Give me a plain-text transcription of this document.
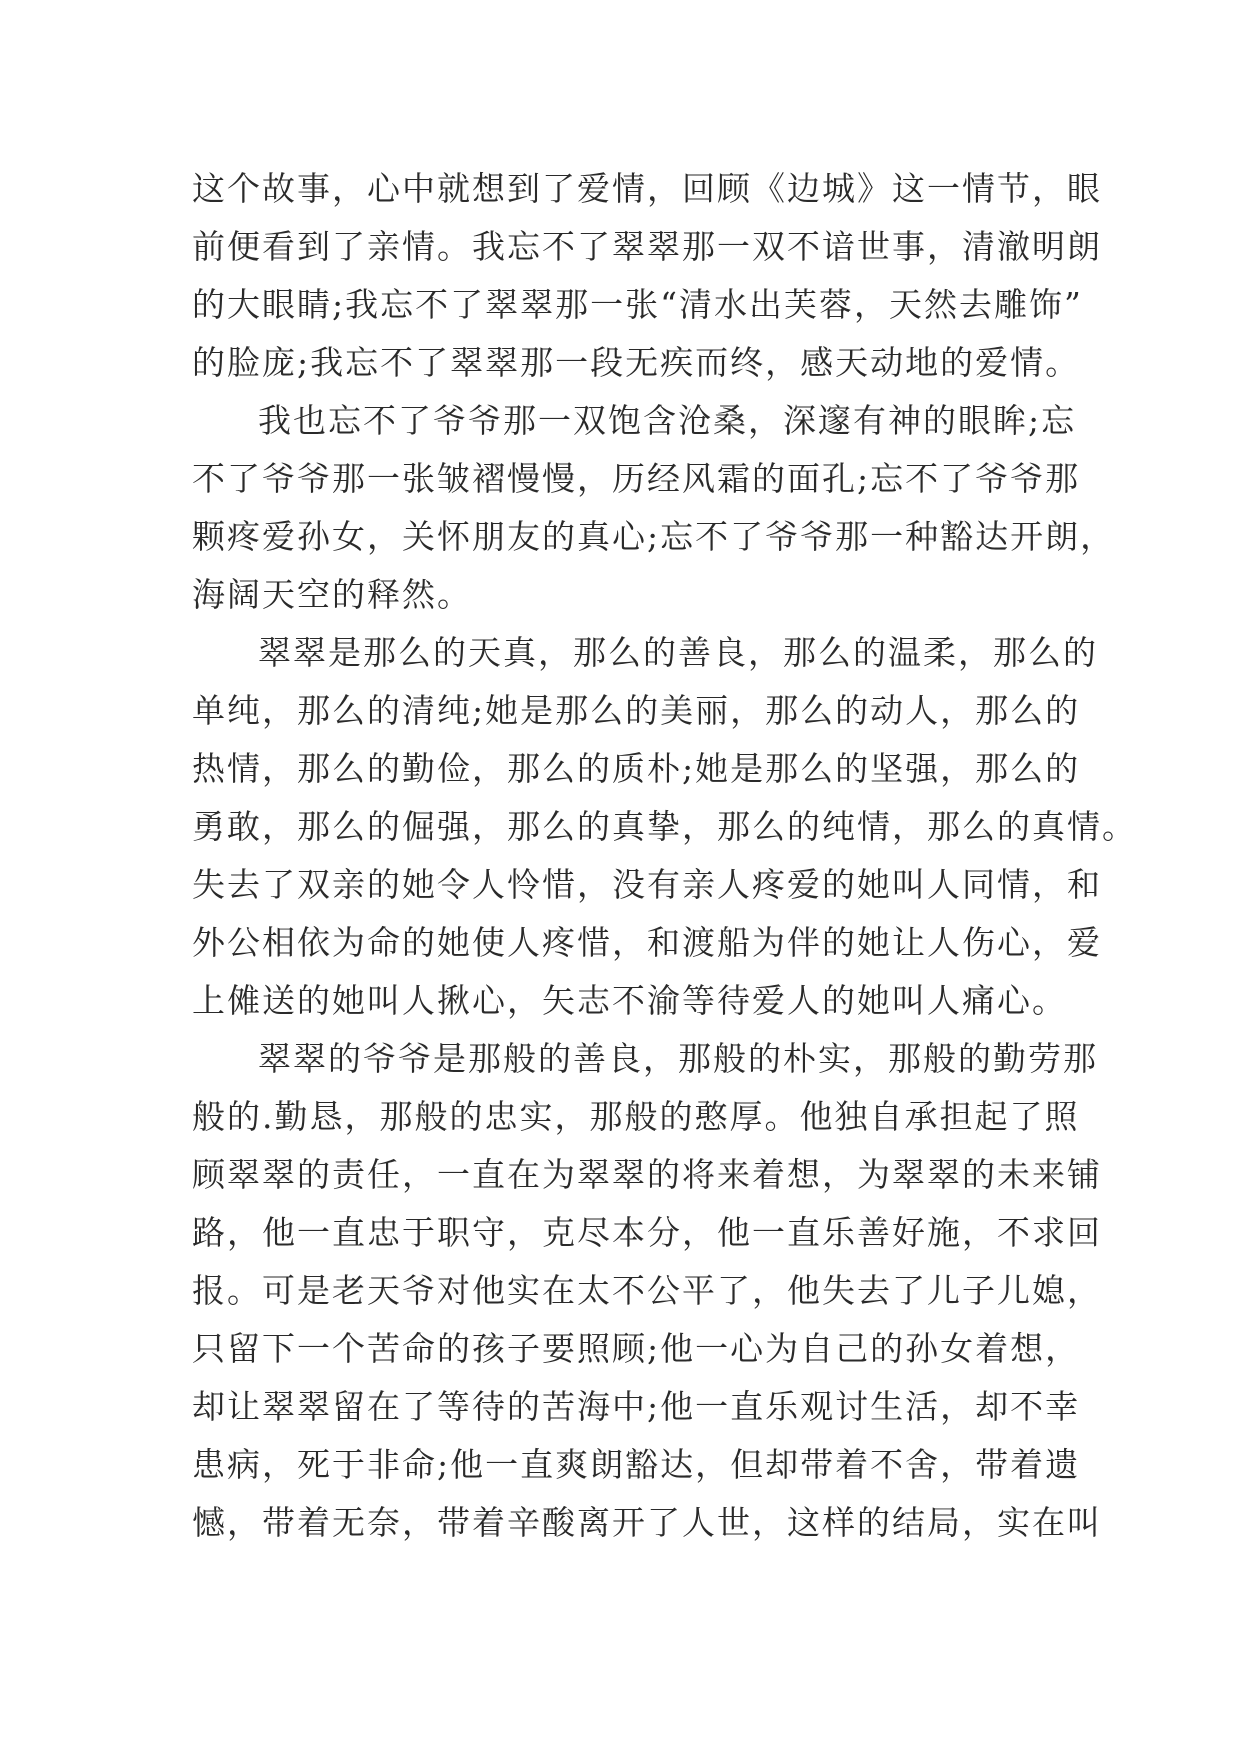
这个故事，心中就想到了爱情，回顾《边城》这一情节，眼
前便看到了亲情。我忘不了翠翠那一双不谙世事，清澈明朗
的大眼睛;我忘不了翠翠那一张“清水出芙蓉，天然去雕饰”
的脸庞;我忘不了翠翠那一段无疾而终，感天动地的爱情。
我也忘不了爷爷那一双饱含沧桑，深邃有神的眼眸;忘
不了爷爷那一张皱褶慢慢，历经风霜的面孔;忘不了爷爷那
颗疼爱孙女，关怀朋友的真心;忘不了爷爷那一种豁达开朗，
海阔天空的释然。
翠翠是那么的天真，那么的善良，那么的温柔，那么的
单纯，那么的清纯;她是那么的美丽，那么的动人，那么的
热情，那么的勤俭，那么的质朴;她是那么的坚强，那么的
勇敢，那么的倔强，那么的真挚，那么的纯情，那么的真情。
失去了双亲的她令人怜惜，没有亲人疼爱的她叫人同情，和
外公相依为命的她使人疼惜，和渡船为伴的她让人伤心，爱
上傩送的她叫人揪心，矢志不渝等待爱人的她叫人痛心。
翠翠的爷爷是那般的善良，那般的朴实，那般的勤劳那
般的.勤恳，那般的忠实，那般的憨厚。他独自承担起了照
顾翠翠的责任，一直在为翠翠的将来着想，为翠翠的未来铺
路，他一直忠于职守，克尽本分，他一直乐善好施，不求回
报。可是老天爷对他实在太不公平了，他失去了儿子儿媳，
只留下一个苦命的孩子要照顾;他一心为自己的孙女着想，
却让翠翠留在了等待的苦海中;他一直乐观讨生活，却不幸
患病，死于非命;他一直爽朗豁达，但却带着不舍，带着遗
憾，带着无奈，带着辛酸离开了人世，这样的结局，实在叫
